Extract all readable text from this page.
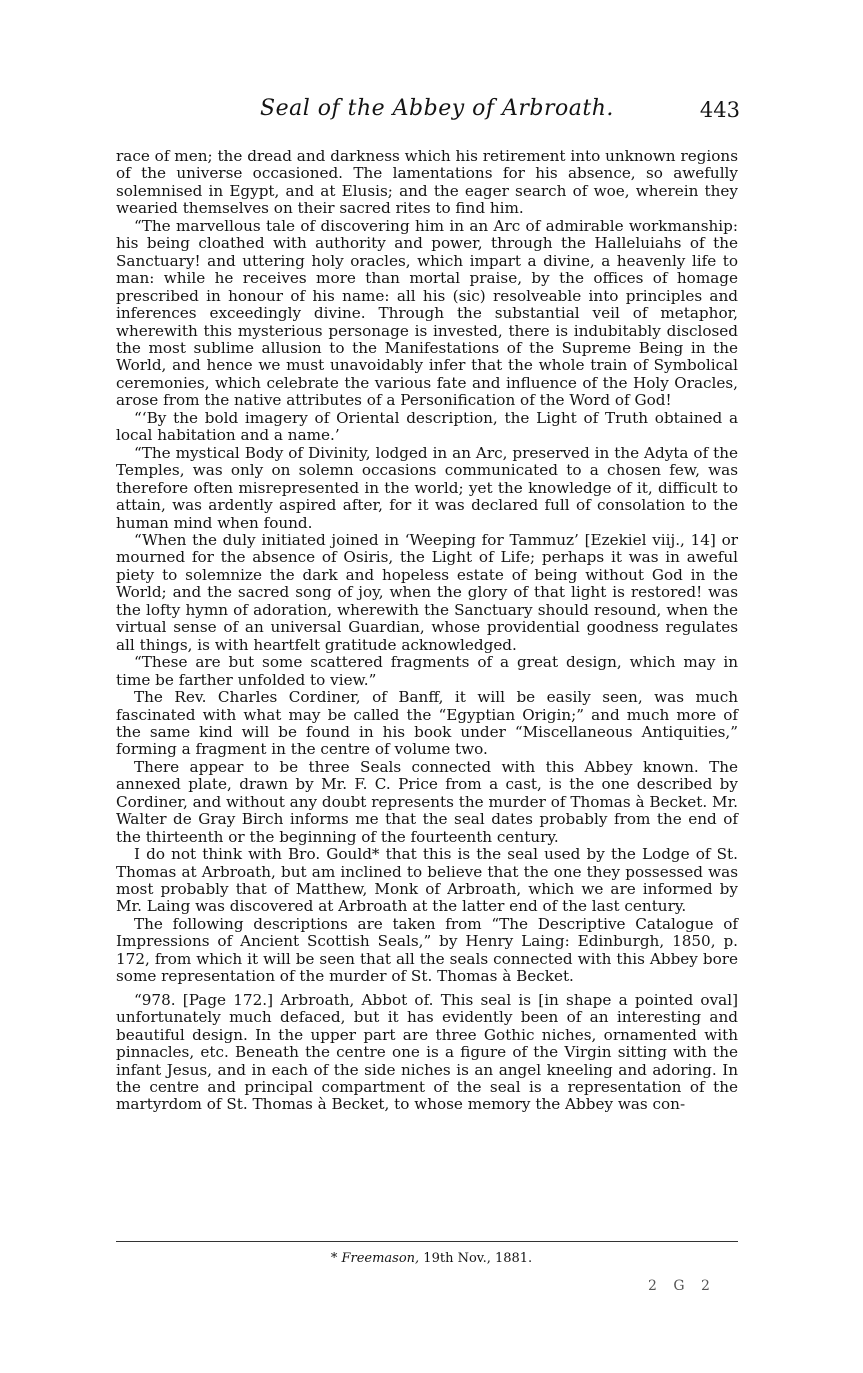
Seal of the Abbey of Arbroath.	443

race of men; the dread and darkness which his retirement into unknown regions of the universe occasioned. The lamentations for his absence, so awefully solemnised in Egypt, and at Elusis; and the eager search of woe, wherein they wearied themselves on their sacred rites to find him.

“The marvellous tale of discovering him in an Arc of admirable workmanship: his being cloathed with authority and power, through the Halleluiahs of the Sanctuary! and uttering holy oracles, which impart a divine, a heavenly life to man: while he receives more than mortal praise, by the offices of homage prescribed in honour of his name: all his (sic) resolveable into principles and inferences exceedingly divine. Through the substantial veil of metaphor, wherewith this mysterious personage is invested, there is indubitably disclosed the most sublime allusion to the Manifestations of the Supreme Being in the World, and hence we must unavoidably infer that the whole train of Symbolical ceremonies, which celebrate the various fate and influence of the Holy Oracles, arose from the native attributes of a Personification of the Word of God!

“‘By the bold imagery of Oriental description, the Light of Truth obtained a local habitation and a name.’

“The mystical Body of Divinity, lodged in an Arc, preserved in the Adyta of the Temples, was only on solemn occasions communicated to a chosen few, was therefore often misrepresented in the world; yet the knowledge of it, difficult to attain, was ardently aspired after, for it was declared full of consolation to the human mind when found.

“When the duly initiated joined in ‘Weeping for Tammuz’ [Ezekiel viij., 14] or mourned for the absence of Osiris, the Light of Life; perhaps it was in aweful piety to solemnize the dark and hopeless estate of being without God in the World; and the sacred song of joy, when the glory of that light is restored! was the lofty hymn of adoration, wherewith the Sanctuary should resound, when the virtual sense of an universal Guardian, whose providential goodness regulates all things, is with heartfelt gratitude acknowledged.

“These are but some scattered fragments of a great design, which may in time be farther unfolded to view.”

The Rev. Charles Cordiner, of Banff, it will be easily seen, was much fascinated with what may be called the “Egyptian Origin;” and much more of the same kind will be found in his book under “Miscellaneous Antiquities,” forming a fragment in the centre of volume two.

There appear to be three Seals connected with this Abbey known. The annexed plate, drawn by Mr. F. C. Price from a cast, is the one described by Cordiner, and without any doubt represents the murder of Thomas à Becket. Mr. Walter de Gray Birch informs me that the seal dates probably from the end of the thirteenth or the beginning of the fourteenth century.

I do not think with Bro. Gould* that this is the seal used by the Lodge of St. Thomas at Arbroath, but am inclined to believe that the one they possessed was most probably that of Matthew, Monk of Arbroath, which we are informed by Mr. Laing was discovered at Arbroath at the latter end of the last century.

The following descriptions are taken from “The Descriptive Catalogue of Impressions of Ancient Scottish Seals,” by Henry Laing: Edinburgh, 1850, p. 172, from which it will be seen that all the seals connected with this Abbey bore some representation of the murder of St. Thomas à Becket.

“978. [Page 172.] Arbroath, Abbot of. This seal is [in shape a pointed oval] unfortunately much defaced, but it has evidently been of an interesting and beautiful design. In the upper part are three Gothic niches, ornamented with pinnacles, etc. Beneath the centre one is a figure of the Virgin sitting with the infant Jesus, and in each of the side niches is an angel kneeling and adoring. In the centre and principal compartment of the seal is a representation of the martyrdom of St. Thomas à Becket, to whose memory the Abbey was con-

* Freemason, 19th Nov., 1881.
2 G 2
